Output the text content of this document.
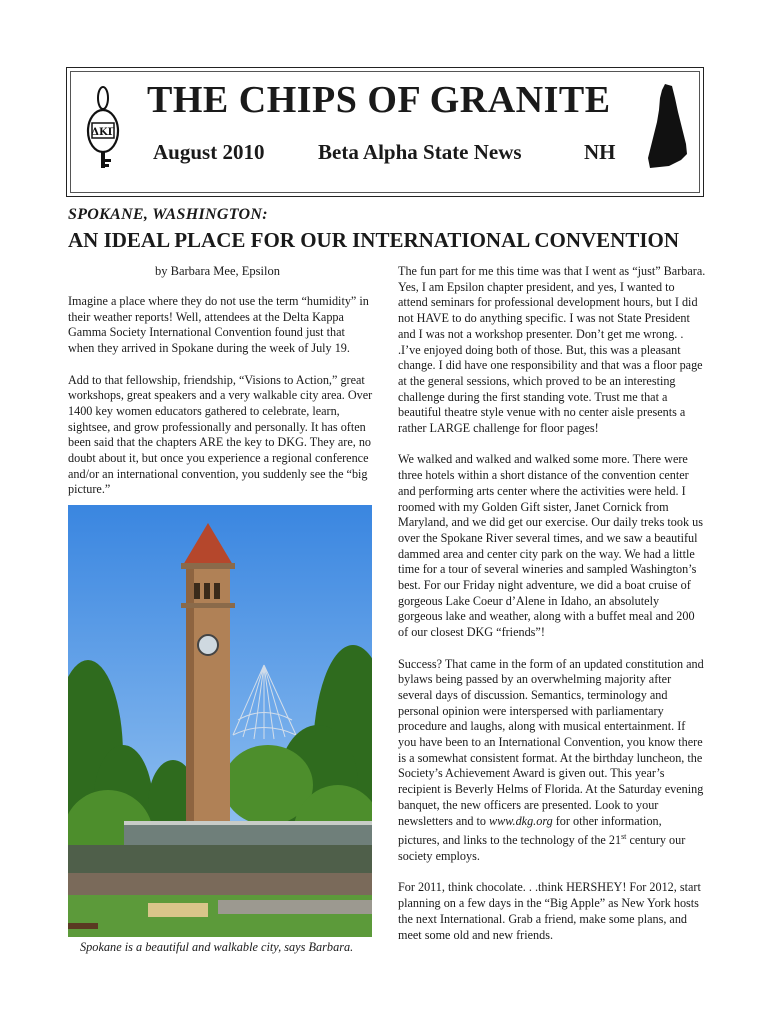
ΔΚΓ
THE CHIPS OF GRANITE
August 2010	Beta Alpha State News	NH
SPOKANE, WASHINGTON:
AN IDEAL PLACE FOR OUR INTERNATIONAL CONVENTION
by Barbara Mee, Epsilon

Imagine a place where they do not use the term “humidity” in their weather reports! Well, attendees at the Delta Kappa Gamma Society International Convention found just that when they arrived in Spokane during the week of July 19.

Add to that fellowship, friendship, “Visions to Action,” great workshops, great speakers and a very walkable city area. Over 1400 key women educators gathered to celebrate, learn, sightsee, and grow professionally and personally. It has often been said that the chapters ARE the key to DKG. They are, no doubt about it, but once you experience a regional conference and/or an international convention, you suddenly see the “big picture.”

Spokane is a beautiful and walkable city, says Barbara.

The fun part for me this time was that I went as “just” Barbara. Yes, I am Epsilon chapter president, and yes, I wanted to attend seminars for professional development hours, but I did not HAVE to do anything specific. I was not State President and I was not a workshop presenter. Don’t get me wrong. . .I’ve enjoyed doing both of those. But, this was a pleasant change. I did have one responsibility and that was a floor page at the general sessions, which proved to be an interesting challenge during the first standing vote. Trust me that a beautiful theatre style venue with no center aisle presents a rather LARGE challenge for floor pages!

We walked and walked and walked some more. There were three hotels within a short distance of the convention center and performing arts center where the activities were held. I roomed with my Golden Gift sister, Janet Cornick from Maryland, and we did get our exercise. Our daily treks took us over the Spokane River several times, and we saw a beautiful dammed area and center city park on the way. We had a little time for a tour of several wineries and sampled Washington’s best. For our Friday night adventure, we did a boat cruise of gorgeous Lake Coeur d’Alene in Idaho, an absolutely gorgeous lake and weather, along with a buffet meal and 200 of our closest DKG “friends”!

Success? That came in the form of an updated constitution and bylaws being passed by an overwhelming majority after several days of discussion. Semantics, terminology and personal opinion were interspersed with parliamentary procedure and laughs, along with musical entertainment. If you have been to an International Convention, you know there is a somewhat consistent format. At the birthday luncheon, the Society’s Achievement Award is given out. This year’s recipient is Beverly Helms of Florida. At the Saturday evening banquet, the new officers are presented. Look to your newsletters and to www.dkg.org for other information, pictures, and links to the technology of the 21st century our society employs.

For 2011, think chocolate. . .think HERSHEY! For 2012, start planning on a few days in the “Big Apple” as New York hosts the next International. Grab a friend, make some plans, and meet some old and new friends.
